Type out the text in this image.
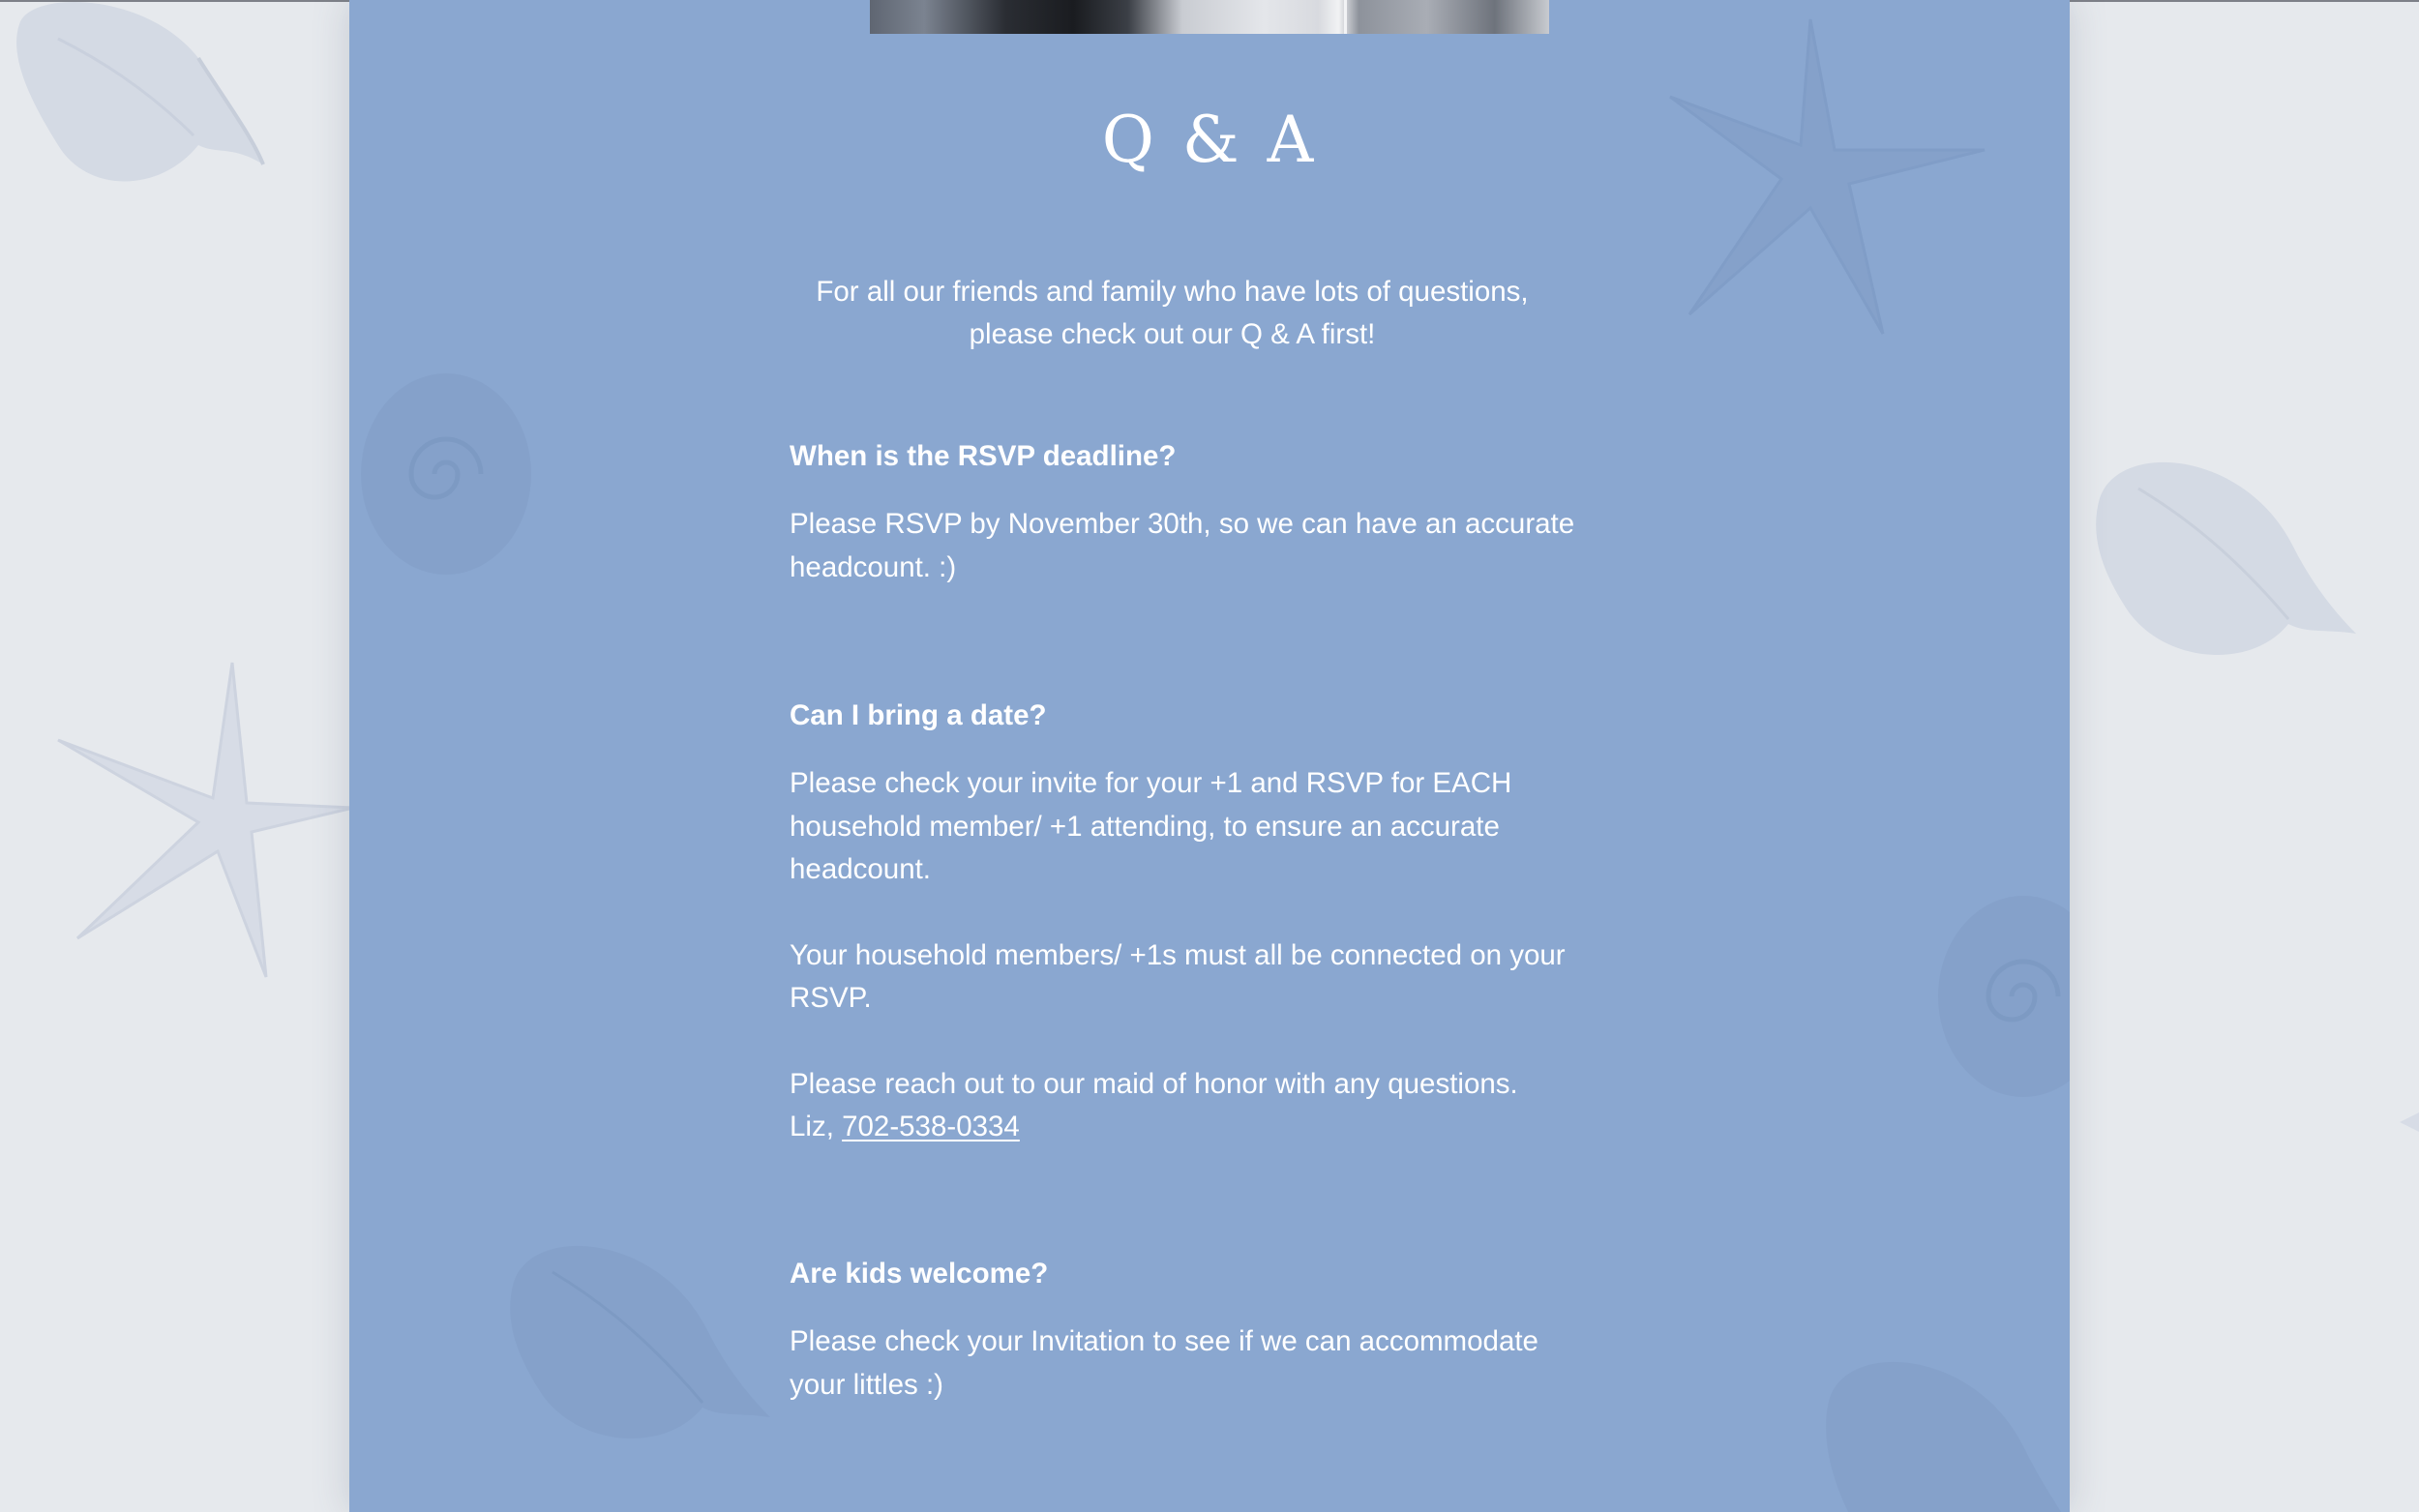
Q & A

For all our friends and family who have lots of questions,
please check out our Q & A first!

When is the RSVP deadline?

Please RSVP by November 30th, so we can have an accurate
headcount. :)

Can I bring a date?

Please check your invite for your +1 and RSVP for EACH
household member/ +1 attending, to ensure an accurate
headcount.

Your household members/ +1s must all be connected on your
RSVP.

Please reach out to our maid of honor with any questions.
Liz, 702-538-0334

Are kids welcome?

Please check your Invitation to see if we can accommodate
your littles :)
